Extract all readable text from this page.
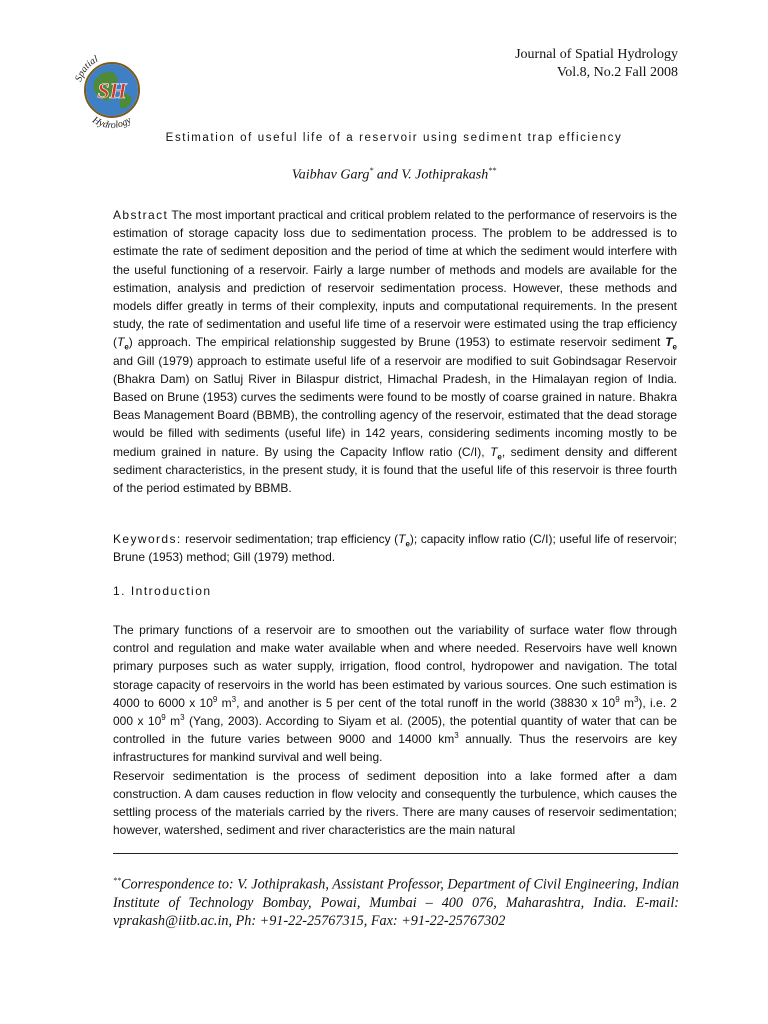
SH
Spatial
Hydrology
Journal of Spatial Hydrology
Vol.8, No.2 Fall 2008
Estimation of useful life of a reservoir using sediment trap efficiency
Vaibhav Garg* and V. Jothiprakash**

Abstract The most important practical and critical problem related to the performance of reservoirs is the estimation of storage capacity loss due to sedimentation process. The problem to be addressed is to estimate the rate of sediment deposition and the period of time at which the sediment would interfere with the useful functioning of a reservoir. Fairly a large number of methods and models are available for the estimation, analysis and prediction of reservoir sedimentation process. However, these methods and models differ greatly in terms of their complexity, inputs and computational requirements. In the present study, the rate of sedimentation and useful life time of a reservoir were estimated using the trap efficiency $(T_e)$ approach. The empirical relationship suggested by Brune (1953) to estimate reservoir sediment $T_e$ and Gill (1979) approach to estimate useful life of a reservoir are modified to suit Gobindsagar Reservoir (Bhakra Dam) on Satluj River in Bilaspur district, Himachal Pradesh, in the Himalayan region of India. Based on Brune (1953) curves the sediments were found to be mostly of coarse grained in nature. Bhakra Beas Management Board (BBMB), the controlling agency of the reservoir, estimated that the dead storage would be filled with sediments (useful life) in 142 years, considering sediments incoming mostly to be medium grained in nature. By using the Capacity Inflow ratio (C/I), $T_e$, sediment density and different sediment characteristics, in the present study, it is found that the useful life of this reservoir is three fourth of the period estimated by BBMB.

Keywords: reservoir sedimentation; trap efficiency $(T_e)$; capacity inflow ratio (C/I); useful life of reservoir; Brune (1953) method; Gill (1979) method.

1. Introduction

The primary functions of a reservoir are to smoothen out the variability of surface water flow through control and regulation and make water available when and where needed. Reservoirs have well known primary purposes such as water supply, irrigation, flood control, hydropower and navigation. The total storage capacity of reservoirs in the world has been estimated by various sources. One such estimation is 4000 to 6000 x $10^9$ $m^3$, and another is 5 per cent of the total runoff in the world (38830 x $10^9$ $m^3$), i.e. 2 000 x $10^9$ $m^3$ (Yang, 2003). According to Siyam et al. (2005), the potential quantity of water that can be controlled in the future varies between 9000 and 14000 $km^3$ annually. Thus the reservoirs are key infrastructures for mankind survival and well being.

Reservoir sedimentation is the process of sediment deposition into a lake formed after a dam construction. A dam causes reduction in flow velocity and consequently the turbulence, which causes the settling process of the materials carried by the rivers. There are many causes of reservoir sedimentation; however, watershed, sediment and river characteristics are the main natural

**Correspondence to: V. Jothiprakash, Assistant Professor, Department of Civil Engineering, Indian Institute of Technology Bombay, Powai, Mumbai – 400 076, Maharashtra, India. E-mail: vprakash@iitb.ac.in, Ph: +91-22-25767315, Fax: +91-22-25767302
